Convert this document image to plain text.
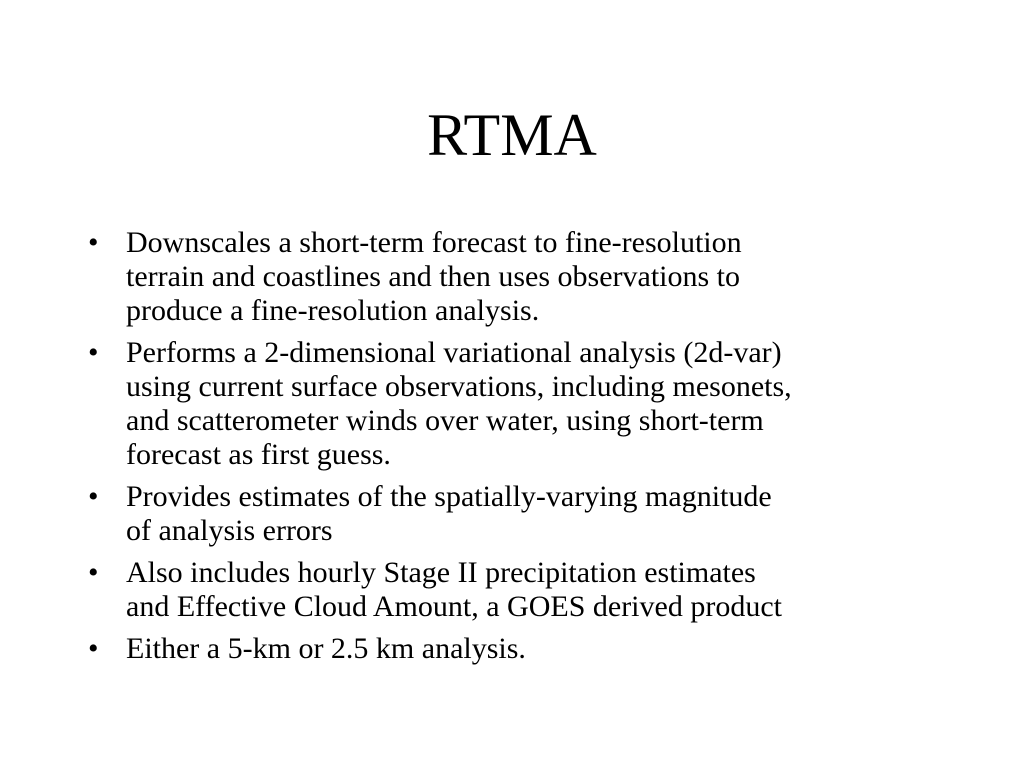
RTMA
• Downscales a short-term forecast to fine-resolution
terrain and coastlines and then uses observations to
produce a fine-resolution analysis.
• Performs a 2-dimensional variational analysis (2d-var)
using current surface observations, including mesonets,
and scatterometer winds over water, using short-term
forecast as first guess.
• Provides estimates of the spatially-varying magnitude
of analysis errors
• Also includes hourly Stage II precipitation estimates
and Effective Cloud Amount, a GOES derived product
• Either a 5-km or 2.5 km analysis.
